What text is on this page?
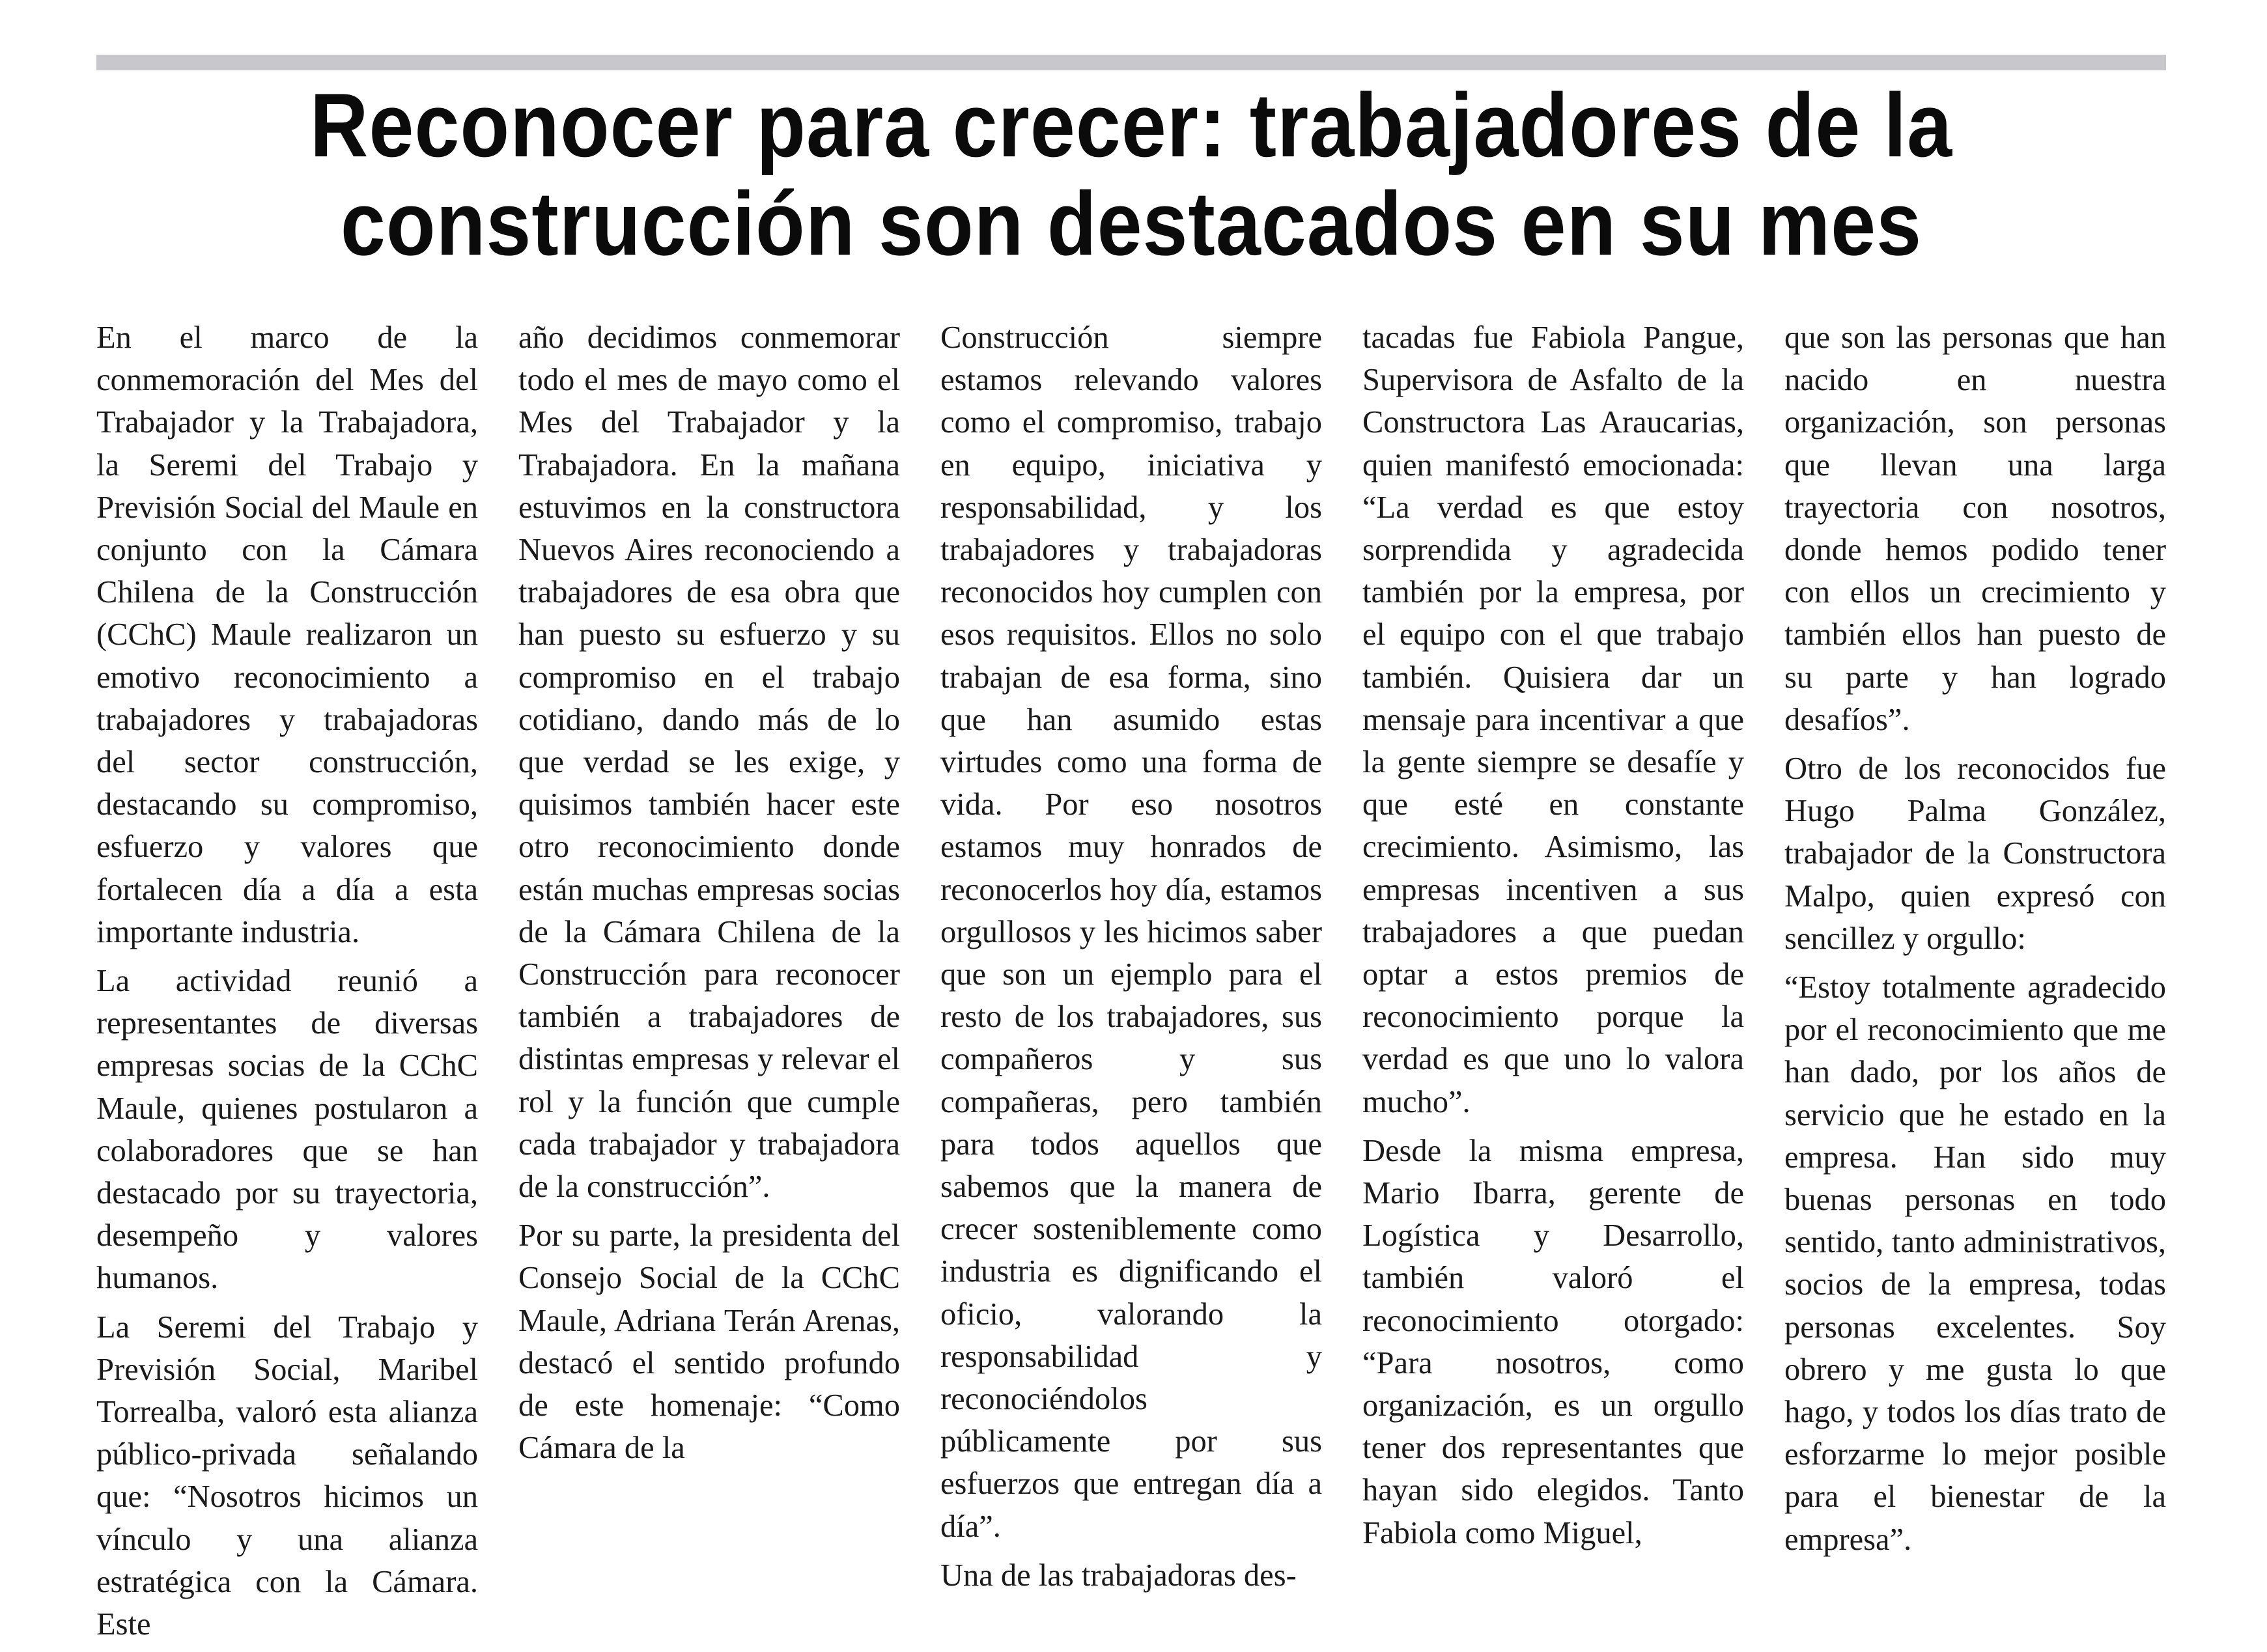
Reconocer para crecer: trabajadores de la
construcción son destacados en su mes

En el marco de la conmemoración del Mes del Trabajador y la Trabajadora, la Seremi del Trabajo y Previsión Social del Maule en conjunto con la Cámara Chilena de la Construcción (CChC) Maule realizaron un emotivo reconocimiento a trabajadores y trabajadoras del sector construcción, destacando su compromiso, esfuerzo y valores que fortalecen día a día a esta importante industria.

La actividad reunió a representantes de diversas empresas socias de la CChC Maule, quienes postularon a colaboradores que se han destacado por su trayectoria, desempeño y valores humanos.

La Seremi del Trabajo y Previsión Social, Maribel Torrealba, valoró esta alianza público-privada señalando que: “Nosotros hicimos un vínculo y una alianza estratégica con la Cámara. Este

año decidimos conmemorar todo el mes de mayo como el Mes del Trabajador y la Trabajadora. En la mañana estuvimos en la constructora Nuevos Aires reconociendo a trabajadores de esa obra que han puesto su esfuerzo y su compromiso en el trabajo cotidiano, dando más de lo que verdad se les exige, y quisimos también hacer este otro reconocimiento donde están muchas empresas socias de la Cámara Chilena de la Construcción para reconocer también a trabajadores de distintas empresas y relevar el rol y la función que cumple cada trabajador y trabajadora de la construcción”.

Por su parte, la presidenta del Consejo Social de la CChC Maule, Adriana Terán Arenas, destacó el sentido profundo de este homenaje: “Como Cámara de la

Construcción siempre estamos relevando valores como el compromiso, trabajo en equipo, iniciativa y responsabilidad, y los trabajadores y trabajadoras reconocidos hoy cumplen con esos requisitos. Ellos no solo trabajan de esa forma, sino que han asumido estas virtudes como una forma de vida. Por eso nosotros estamos muy honrados de reconocerlos hoy día, estamos orgullosos y les hicimos saber que son un ejemplo para el resto de los trabajadores, sus compañeros y sus compañeras, pero también para todos aquellos que sabemos que la manera de crecer sosteniblemente como industria es dignificando el oficio, valorando la responsabilidad y reconociéndolos públicamente por sus esfuerzos que entregan día a día”.

Una de las trabajadoras des-

tacadas fue Fabiola Pangue, Supervisora de Asfalto de la Constructora Las Araucarias, quien manifestó emocionada: “La verdad es que estoy sorprendida y agradecida también por la empresa, por el equipo con el que trabajo también. Quisiera dar un mensaje para incentivar a que la gente siempre se desafíe y que esté en constante crecimiento. Asimismo, las empresas incentiven a sus trabajadores a que puedan optar a estos premios de reconocimiento porque la verdad es que uno lo valora mucho”.

Desde la misma empresa, Mario Ibarra, gerente de Logística y Desarrollo, también valoró el reconocimiento otorgado: “Para nosotros, como organización, es un orgullo tener dos representantes que hayan sido elegidos. Tanto Fabiola como Miguel,

que son las personas que han nacido en nuestra organización, son personas que llevan una larga trayectoria con nosotros, donde hemos podido tener con ellos un crecimiento y también ellos han puesto de su parte y han logrado desafíos”.

Otro de los reconocidos fue Hugo Palma González, trabajador de la Constructora Malpo, quien expresó con sencillez y orgullo:

“Estoy totalmente agradecido por el reconocimiento que me han dado, por los años de servicio que he estado en la empresa. Han sido muy buenas personas en todo sentido, tanto administrativos, socios de la empresa, todas personas excelentes. Soy obrero y me gusta lo que hago, y todos los días trato de esforzarme lo mejor posible para el bienestar de la empresa”.
